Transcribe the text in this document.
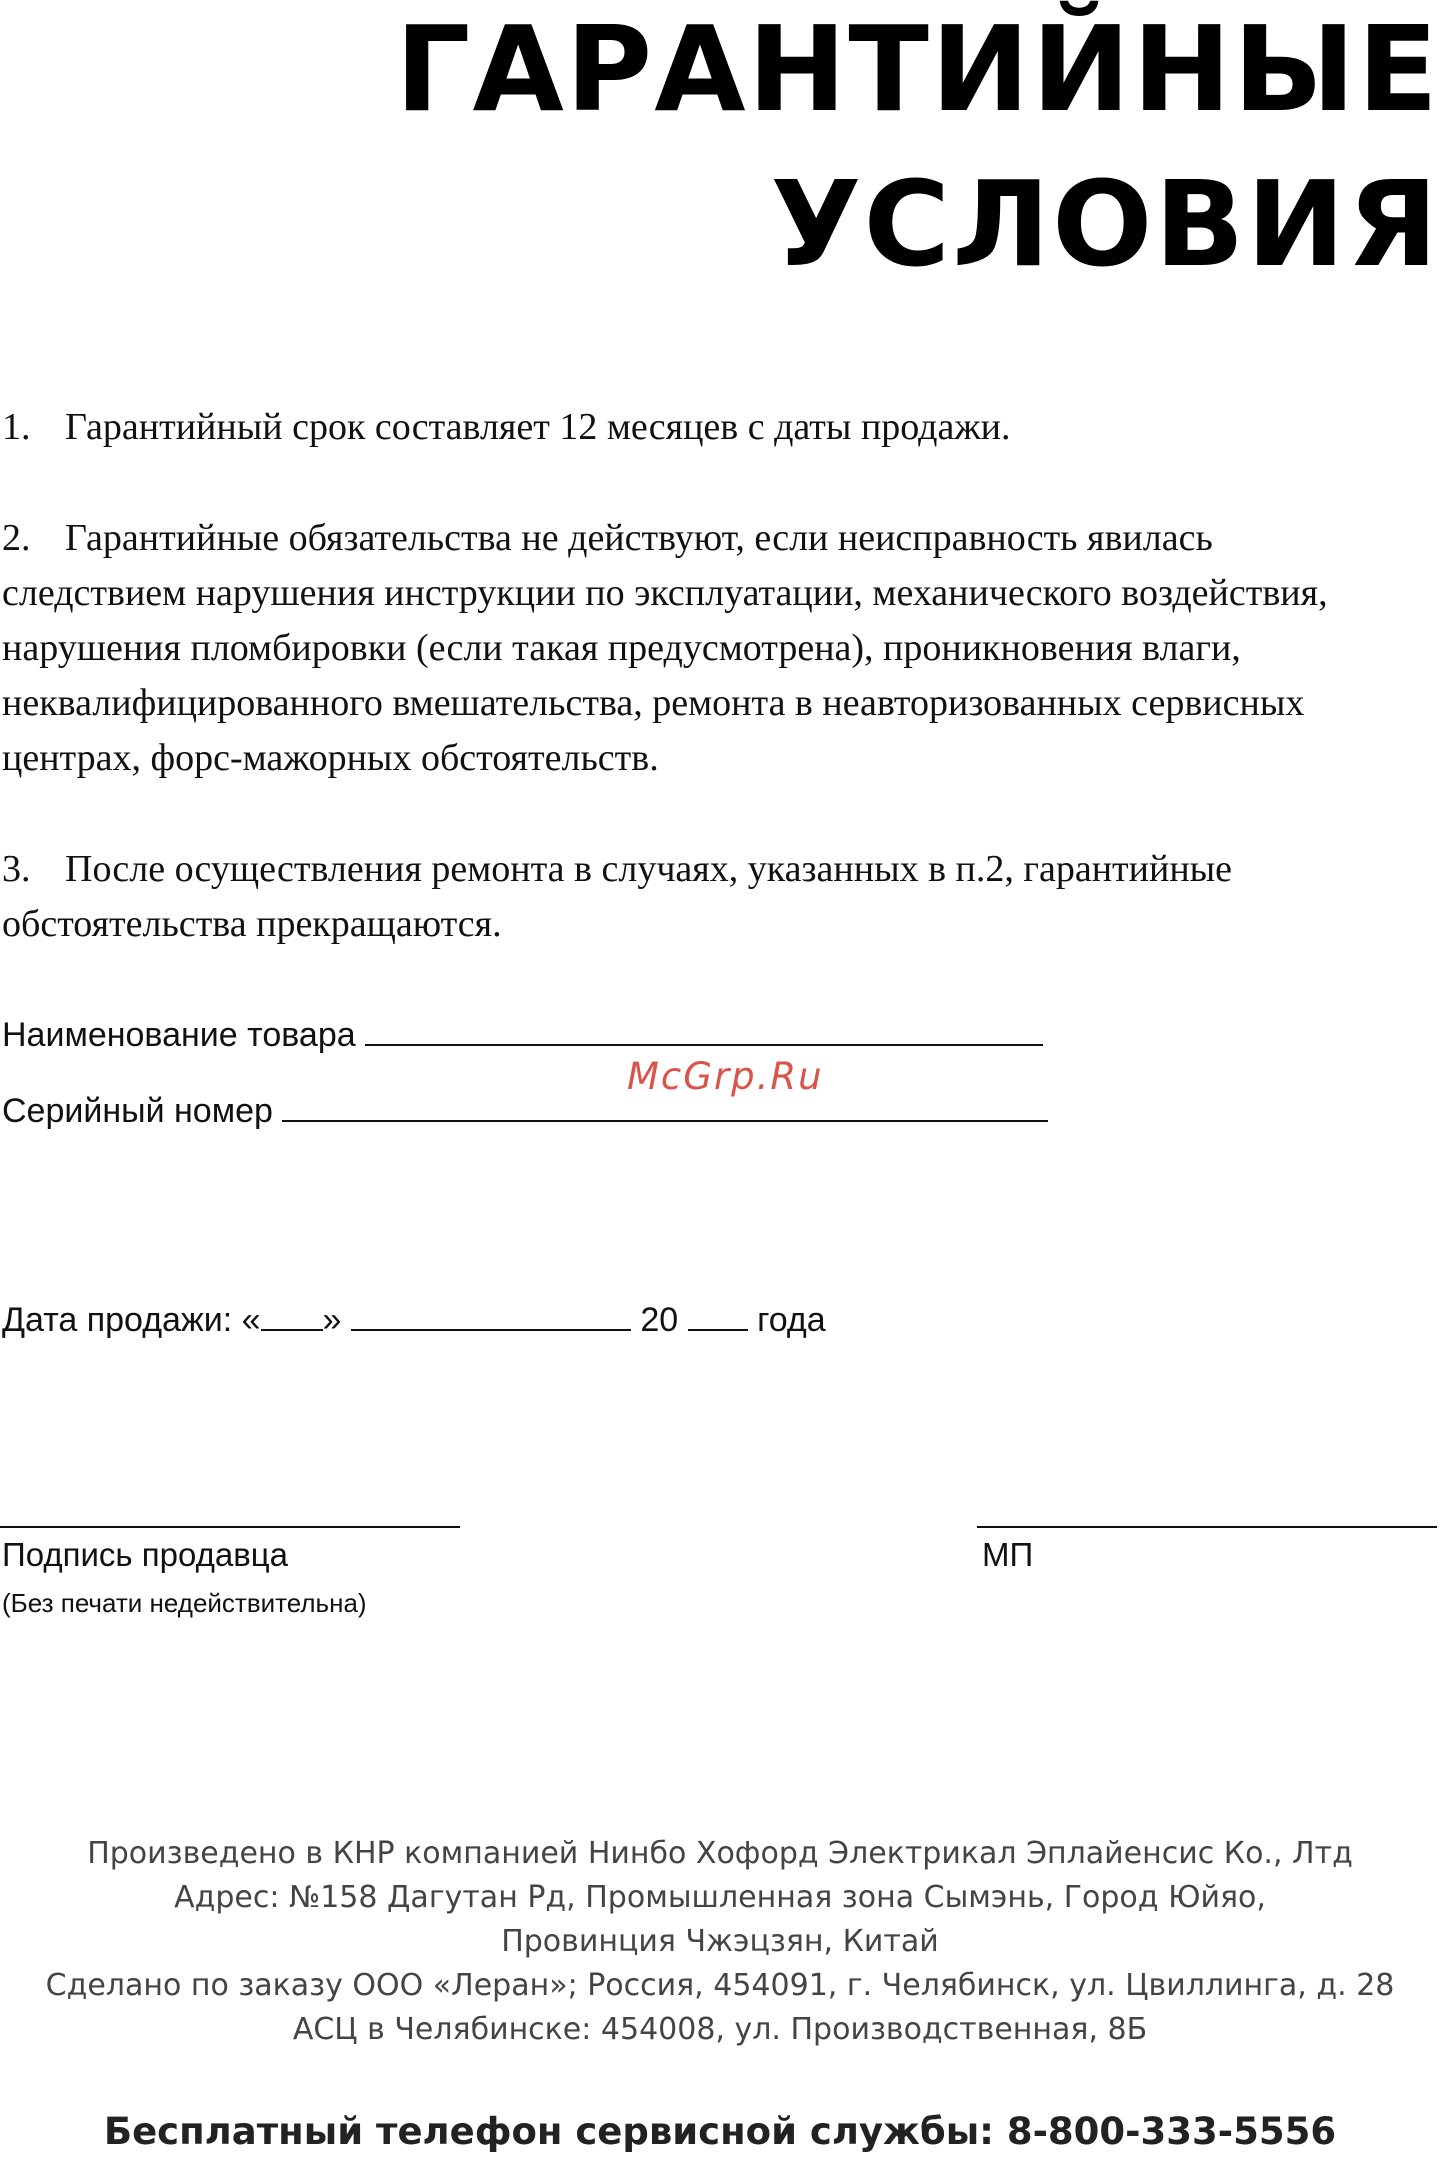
ГАРАНТИЙНЫЕ
УСЛОВИЯ

1. Гарантийный срок составляет 12 месяцев с даты продажи.

2. Гарантийные обязательства не действуют, если неисправность явилась следствием нарушения инструкции по эксплуатации, механического воздействия, нарушения пломбировки (если такая предусмотрена), проникновения влаги, неквалифицированного вмешательства, ремонта в неавторизованных сервисных центрах, форс-мажорных обстоятельств.

3. После осуществления ремонта в случаях, указанных в п.2, гарантийные обстоятельства прекращаются.

Наименование товара
McGrp.Ru
Серийный номер
Дата продажи: « »	20 года
Подпись продавца	МП
(Без печати недействительна)
Произведено в КНР компанией Нинбо Хофорд Электрикал Эплайенсис Ко., Лтд
Адрес: №158 Дагутан Рд, Промышленная зона Сымэнь, Город Юйяо,
Провинция Чжэцзян, Китай
Сделано по заказу ООО «Леран»; Россия, 454091, г. Челябинск, ул. Цвиллинга, д. 28
АСЦ в Челябинске: 454008, ул. Производственная, 8Б
Бесплатный телефон сервисной службы: 8-800-333-5556
